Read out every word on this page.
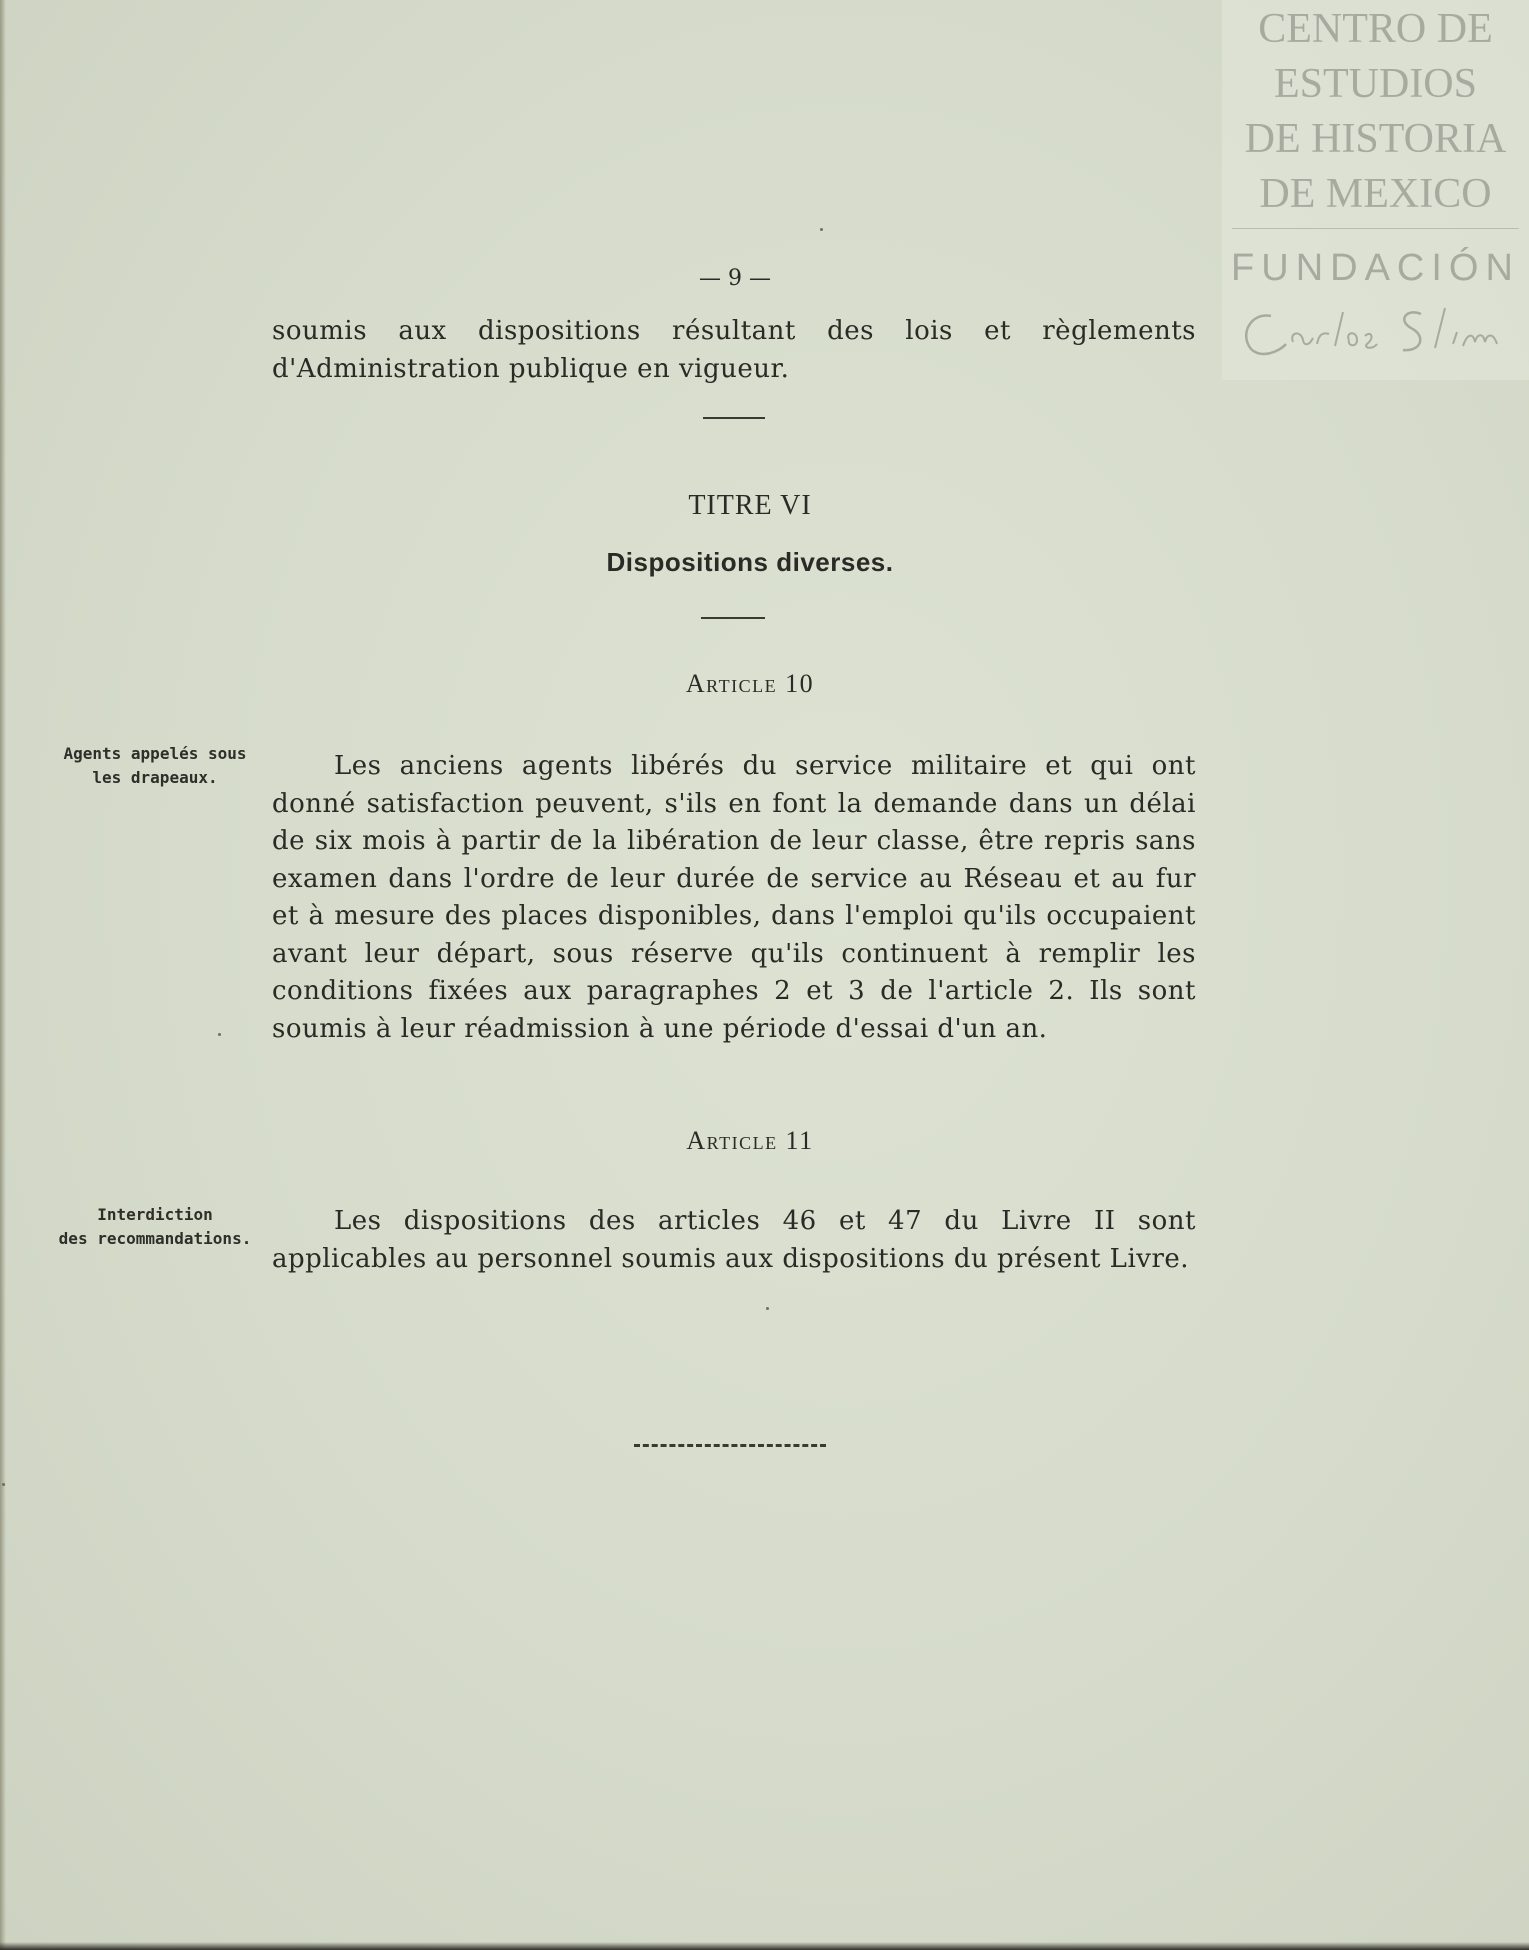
CENTRO DE
ESTUDIOS
DE HISTORIA
DE MEXICO
FUNDACIÓN
— 9 —

soumis aux dispositions résultant des lois et règlements d'Administration publique en vigueur.

TITRE VI
Dispositions diverses.
Article 10
Agents appelés sous
les drapeaux.	Les anciens agents libérés du service militaire et qui ont donné satisfaction peuvent, s'ils en font la demande dans un délai de six mois à partir de la libération de leur classe, être repris sans examen dans l'ordre de leur durée de service au Réseau et au fur et à mesure des places disponibles, dans l'emploi qu'ils occupaient avant leur départ, sous réserve qu'ils continuent à remplir les conditions fixées aux paragraphes 2 et 3 de l'article 2. Ils sont soumis à leur réadmission à une période d'essai d'un an.

Article 11
Interdiction
des recommandations.

Les dispositions des articles 46 et 47 du Livre II sont applicables au personnel soumis aux dispositions du présent Livre.
